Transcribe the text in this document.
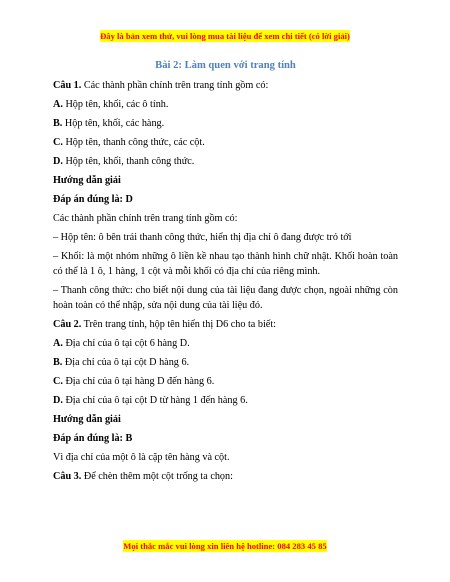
Đây là bản xem thử, vui lòng mua tài liệu để xem chi tiết (có lời giải)
Bài 2: Làm quen với trang tính
Câu 1. Các thành phần chính trên trang tính gồm có:
A. Hộp tên, khối, các ô tính.
B. Hộp tên, khối, các hàng.
C. Hộp tên, thanh công thức, các cột.
D. Hộp tên, khối, thanh công thức.
Hướng dẫn giải
Đáp án đúng là: D
Các thành phần chính trên trang tính gồm có:
– Hộp tên: ô bên trái thanh công thức, hiển thị địa chỉ ô đang được trỏ tới
– Khối: là một nhóm những ô liền kề nhau tạo thành hình chữ nhật. Khối hoàn toàn có thể là 1 ô, 1 hàng, 1 cột và mỗi khối có địa chỉ của riêng mình.
– Thanh công thức: cho biết nội dung của tài liệu đang được chọn, ngoài những còn hoàn toàn có thể nhập, sửa nội dung của tài liệu đó.
Câu 2. Trên trang tính, hộp tên hiển thị D6 cho ta biết:
A. Địa chỉ của ô tại cột 6 hàng D.
B. Địa chỉ của ô tại cột D hàng 6.
C. Địa chỉ của ô tại hàng D đến hàng 6.
D. Địa chỉ của ô tại cột D từ hàng 1 đến hàng 6.
Hướng dẫn giải
Đáp án đúng là: B
Vì địa chỉ của một ô là cặp tên hàng và cột.
Câu 3. Để chèn thêm một cột trống ta chọn:
Mọi thắc mắc vui lòng xin liên hệ hotline: 084 283 45 85
